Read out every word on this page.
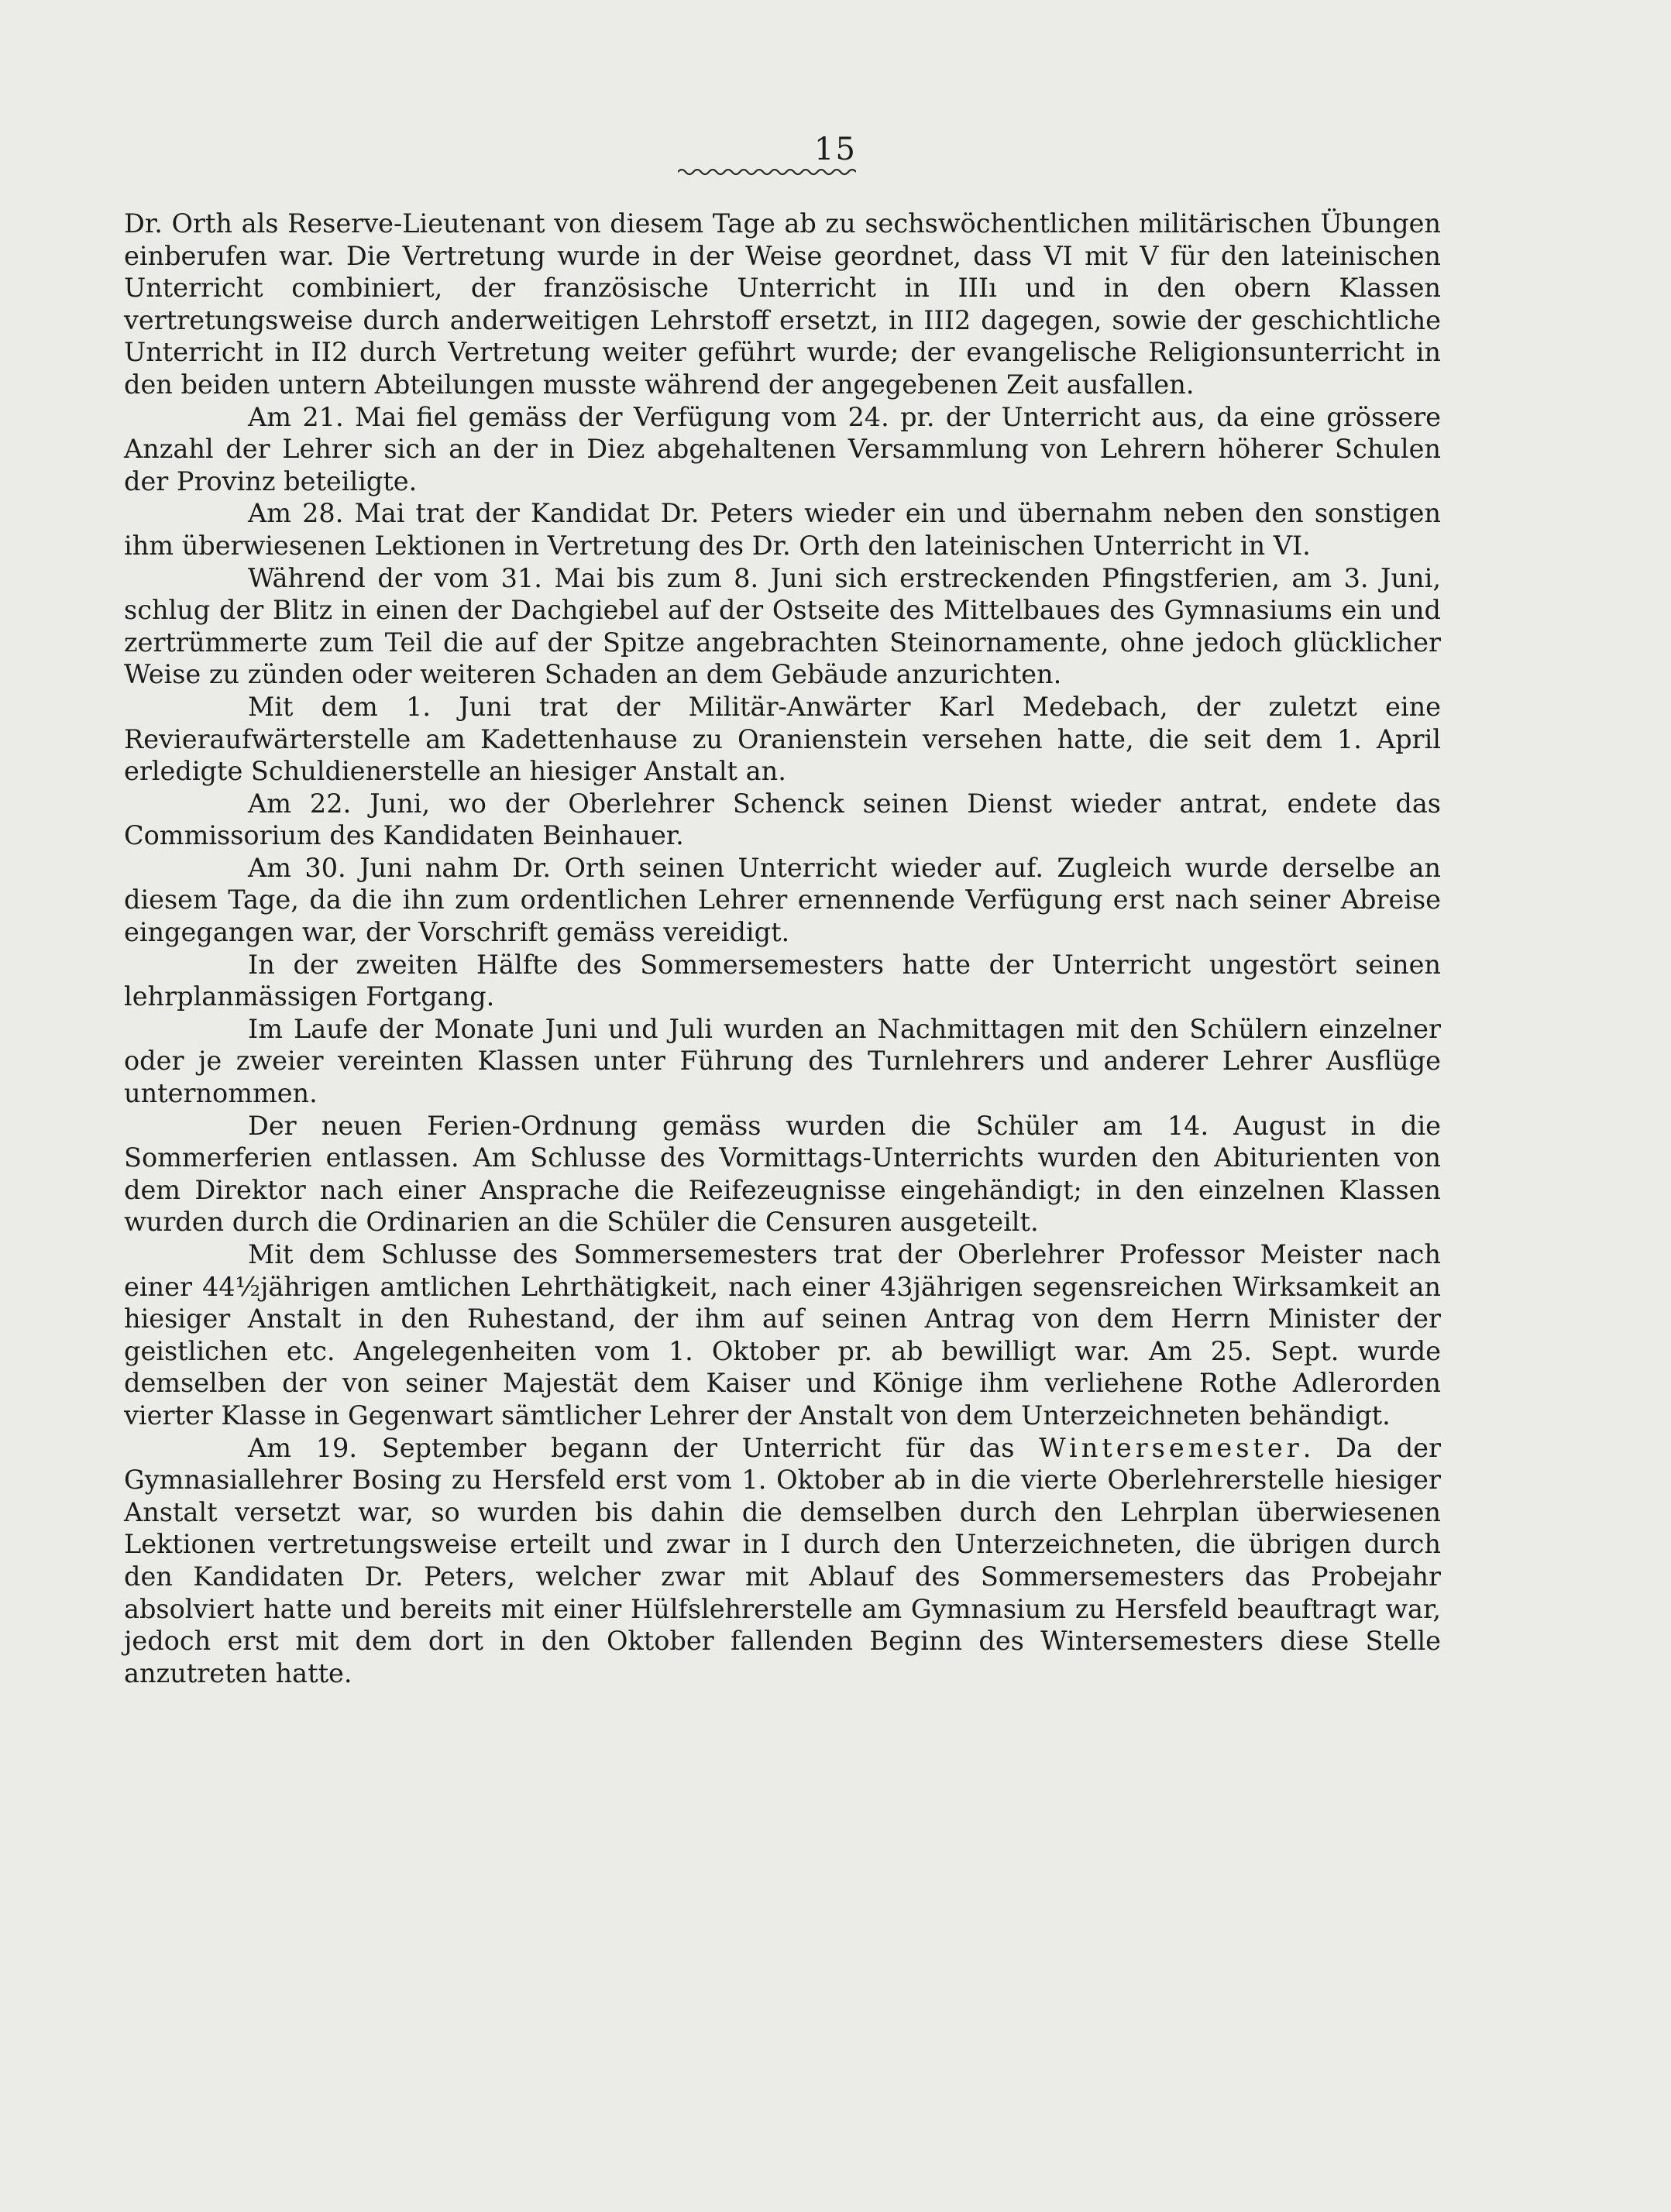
15

Dr. Orth als Reserve-Lieutenant von diesem Tage ab zu sechswöchentlichen militärischen Übungen einberufen war. Die Vertretung wurde in der Weise geordnet, dass VI mit V für den lateinischen Unterricht combiniert, der französische Unterricht in IIIı und in den obern Klassen vertretungsweise durch anderweitigen Lehrstoff ersetzt, in III2 dagegen, sowie der geschichtliche Unterricht in II2 durch Vertretung weiter geführt wurde; der evangelische Religionsunterricht in den beiden untern Abteilungen musste während der angegebenen Zeit ausfallen.

Am 21. Mai fiel gemäss der Verfügung vom 24. pr. der Unterricht aus, da eine grössere Anzahl der Lehrer sich an der in Diez abgehaltenen Versammlung von Lehrern höherer Schulen der Provinz beteiligte.

Am 28. Mai trat der Kandidat Dr. Peters wieder ein und übernahm neben den sonstigen ihm überwiesenen Lektionen in Vertretung des Dr. Orth den lateinischen Unterricht in VI.

Während der vom 31. Mai bis zum 8. Juni sich erstreckenden Pfingstferien, am 3. Juni, schlug der Blitz in einen der Dachgiebel auf der Ostseite des Mittelbaues des Gymnasiums ein und zertrümmerte zum Teil die auf der Spitze angebrachten Steinornamente, ohne jedoch glücklicher Weise zu zünden oder weiteren Schaden an dem Gebäude anzurichten.

Mit dem 1. Juni trat der Militär-Anwärter Karl Medebach, der zuletzt eine Revieraufwärterstelle am Kadettenhause zu Oranienstein versehen hatte, die seit dem 1. April erledigte Schuldienerstelle an hiesiger Anstalt an.

Am 22. Juni, wo der Oberlehrer Schenck seinen Dienst wieder antrat, endete das Commissorium des Kandidaten Beinhauer.

Am 30. Juni nahm Dr. Orth seinen Unterricht wieder auf. Zugleich wurde derselbe an diesem Tage, da die ihn zum ordentlichen Lehrer ernennende Verfügung erst nach seiner Abreise eingegangen war, der Vorschrift gemäss vereidigt.

In der zweiten Hälfte des Sommersemesters hatte der Unterricht ungestört seinen lehrplanmässigen Fortgang.

Im Laufe der Monate Juni und Juli wurden an Nachmittagen mit den Schülern einzelner oder je zweier vereinten Klassen unter Führung des Turnlehrers und anderer Lehrer Ausflüge unternommen.

Der neuen Ferien-Ordnung gemäss wurden die Schüler am 14. August in die Sommerferien entlassen. Am Schlusse des Vormittags-Unterrichts wurden den Abiturienten von dem Direktor nach einer Ansprache die Reifezeugnisse eingehändigt; in den einzelnen Klassen wurden durch die Ordinarien an die Schüler die Censuren ausgeteilt.

Mit dem Schlusse des Sommersemesters trat der Oberlehrer Professor Meister nach einer 44½jährigen amtlichen Lehrthätigkeit, nach einer 43jährigen segensreichen Wirksamkeit an hiesiger Anstalt in den Ruhestand, der ihm auf seinen Antrag von dem Herrn Minister der geistlichen etc. Angelegenheiten vom 1. Oktober pr. ab bewilligt war. Am 25. Sept. wurde demselben der von seiner Majestät dem Kaiser und Könige ihm verliehene Rothe Adlerorden vierter Klasse in Gegenwart sämtlicher Lehrer der Anstalt von dem Unterzeichneten behändigt.

Am 19. September begann der Unterricht für das Wintersemester. Da der Gymnasiallehrer Bosing zu Hersfeld erst vom 1. Oktober ab in die vierte Oberlehrerstelle hiesiger Anstalt versetzt war, so wurden bis dahin die demselben durch den Lehrplan überwiesenen Lektionen vertretungsweise erteilt und zwar in I durch den Unterzeichneten, die übrigen durch den Kandidaten Dr. Peters, welcher zwar mit Ablauf des Sommersemesters das Probejahr absolviert hatte und bereits mit einer Hülfslehrerstelle am Gymnasium zu Hersfeld beauftragt war, jedoch erst mit dem dort in den Oktober fallenden Beginn des Wintersemesters diese Stelle anzutreten hatte.
